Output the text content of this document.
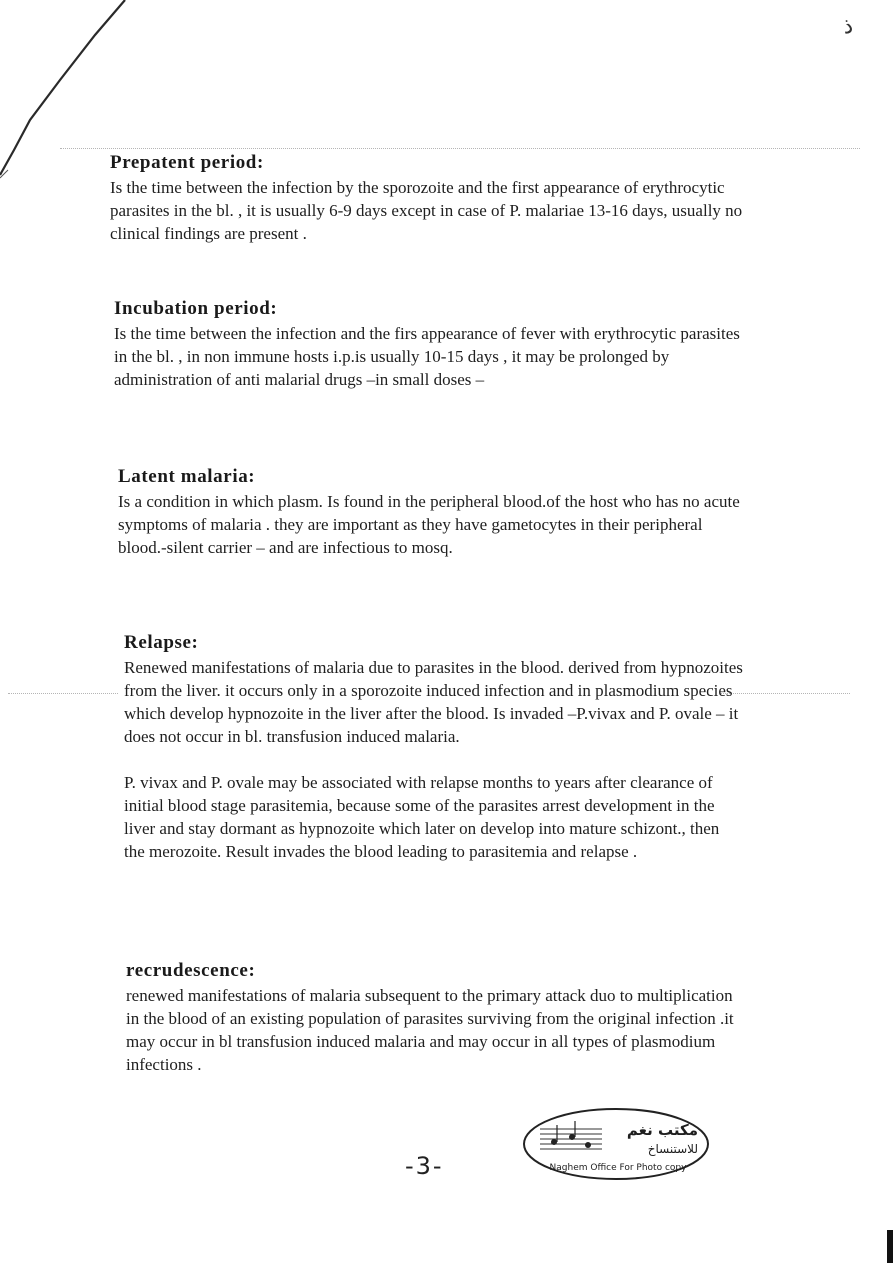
ذ

Prepatent period:

Is the time between the infection by the sporozoite and the first appearance of erythrocytic parasites in the bl. , it is usually 6-9 days except in case of P. malariae 13-16 days, usually no clinical findings are present .

Incubation period:

Is the time between the infection and the firs appearance of fever with erythrocytic parasites in the bl. , in non immune hosts i.p.is usually 10-15 days , it may be prolonged by administration of anti malarial drugs –in small doses –

Latent malaria:

Is a condition in which plasm. Is found in the peripheral blood.of the host who has no acute symptoms of malaria . they are important as they have gametocytes in their peripheral blood.-silent carrier – and are infectious to mosq.

Relapse:

Renewed manifestations of malaria due to parasites in the blood. derived from hypnozoites from the liver. it occurs only in a sporozoite induced infection and in plasmodium species which develop hypnozoite in the liver after the blood. Is invaded –P.vivax and P. ovale – it does not occur in bl. transfusion induced malaria.

P. vivax and P. ovale may be associated with relapse months to years after clearance of initial blood stage parasitemia, because some of the parasites arrest development in the liver and stay dormant as hypnozoite which later on develop into mature schizont., then the merozoite. Result invades the blood leading to parasitemia and relapse .

recrudescence:

renewed manifestations of malaria subsequent to the primary attack duo to multiplication in the blood of an existing population of parasites surviving from the original infection .it may occur in bl transfusion induced malaria and may occur in all types of plasmodium infections .

-3-
مكتب نغم
للاستنساخ
Naghem Office For Photo copy
